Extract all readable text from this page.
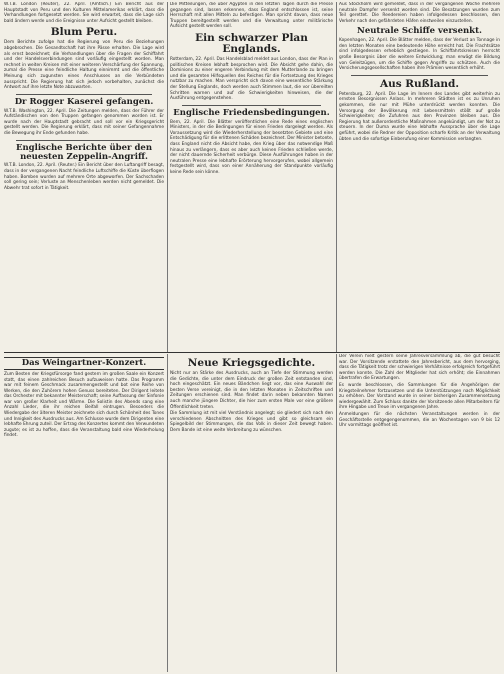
W.T.B. London (Reuter), 22. April. (Amtlich.) Ein Bericht aus der Hauptstadt von Peru und den Kulturen Mittelamerikas erklärt, dass die Verhandlungen fortgesetzt werden. Sie wird erwartet, dass die Lage sich bald ändern werde und die Ereignisse unter Aufsicht gestellt bleiben.

Blum Peru.

Dem Berichte zufolge hat die Regierung von Peru die Beziehungen abgebrochen. Die Gesandtschaft hat ihre Pässe erhalten. Die Lage wird als ernst bezeichnet; die Verhandlungen über die Fragen der Schiffahrt und der Handelsverbindungen sind vorläufig eingestellt worden. Man rechnet in weiten Kreisen mit einer weiteren Verschärfung der Spannung, zumal die Presse eine feindliche Haltung einnimmt und die öffentliche Meinung sich zugunsten eines Anschlusses an die Verbündeten ausspricht. Die Regierung hat sich jedoch vorbehalten, zunächst die Antwort auf ihre letzte Note abzuwarten.

Dr Rogger Kaserei gefangen.

W.T.B. Washington, 22. April. Die Zeitungen melden, dass der Führer der Aufständischen von den Truppen gefangen genommen worden ist. Er wurde nach der Hauptstadt gebracht und soll vor ein Kriegsgericht gestellt werden. Die Regierung erklärt, dass mit seiner Gefangennahme die Bewegung ihr Ende gefunden habe.

Englische Berichte über den neuesten Zeppelin-Angriff.

W.T.B. London, 22. April. (Reuter.) Ein Bericht über den Luftangriff besagt, dass in der vergangenen Nacht feindliche Luftschiffe die Küste überflogen haben. Bomben wurden auf mehrere Orte abgeworfen. Der Sachschaden soll gering sein; Verluste an Menschenleben werden nicht gemeldet. Die Abwehr trat sofort in Tätigkeit.

Die Mitteilungen, die über Ägypten in den letzten Tagen durch die Presse gegangen sind, lassen erkennen, dass England entschlossen ist, seine Herrschaft mit allen Mitteln zu befestigen. Man spricht davon, dass neue Truppen bereitgestellt werden und die Verwaltung unter militärische Aufsicht gestellt werden soll.

Ein schwarzer Plan Englands.

Rotterdam, 22. April. Das Handelsblad meldet aus London, dass der Plan in politischen Kreisen lebhaft besprochen wird. Die Absicht gehe dahin, die Dominions zu einer engeren Verbindung mit dem Mutterlande zu bringen und die gesamten Hilfsquellen des Reiches für die Fortsetzung des Krieges nutzbar zu machen. Man verspricht sich davon eine wesentliche Stärkung der Stellung Englands, doch werden auch Stimmen laut, die vor übereilten Schritten warnen und auf die Schwierigkeiten hinweisen, die der Ausführung entgegenstehen.

Englische Friedensbedingungen.

Bern, 22. April. Die Blätter veröffentlichen eine Rede eines englischen Ministers, in der die Bedingungen für einen Frieden dargelegt werden. Als Voraussetzung wird die Wiederherstellung der besetzten Gebiete und eine Entschädigung für die erlittenen Schäden bezeichnet. Der Minister betonte, dass England nicht die Absicht habe, den Krieg über das notwendige Maß hinaus zu verlängern, dass es aber auch keinen Frieden schließen werde, der nicht dauernde Sicherheit verbürge. Diese Ausführungen haben in der neutralen Presse eine lebhafte Erörterung hervorgerufen, wobei allgemein festgestellt wird, dass von einer Annäherung der Standpunkte vorläufig keine Rede sein könne.

Aus Stockholm wird gemeldet, dass in der vergangenen Woche mehrere neutrale Dampfer versenkt worden sind. Die Besatzungen wurden zum Teil gerettet. Die Reedereien haben infolgedessen beschlossen, den Verkehr nach den gefährdeten Häfen einstweilen einzustellen.

Neutrale Schiffe versenkt.

Kopenhagen, 22. April. Die Blätter melden, dass der Verlust an Tonnage in den letzten Monaten eine bedeutende Höhe erreicht hat. Die Frachtsätze sind infolgedessen erheblich gestiegen. In Schiffahrtskreisen herrscht große Besorgnis über die weitere Entwicklung; man erwägt die Bildung von Geleitzügen, um die Schiffe gegen Angriffe zu schützen. Auch die Versicherungsgesellschaften haben ihre Prämien wesentlich erhöht.

Aus Rußland.

Petersburg, 22. April. Die Lage im Innern des Landes gibt weiterhin zu ernsten Besorgnissen Anlass. In mehreren Städten ist es zu Unruhen gekommen, die nur mit Mühe unterdrückt werden konnten. Die Versorgung der Bevölkerung mit Lebensmitteln stößt auf große Schwierigkeiten; die Zufuhren aus den Provinzen bleiben aus. Die Regierung hat außerordentliche Maßnahmen angekündigt, um der Not zu steuern. In der Duma wurde eine lebhafte Aussprache über die Lage geführt, wobei die Redner der Opposition scharfe Kritik an der Verwaltung übten und die sofortige Einberufung einer Kommission verlangten.

Das Weingartner-Konzert.

Zum Besten der Kriegsfürsorge fand gestern im großen Saale ein Konzert statt, das einen zahlreichen Besuch aufzuweisen hatte. Das Programm war mit feinem Geschmack zusammengestellt und bot eine Reihe von Werken, die den Zuhörern hohen Genuss bereiteten. Der Dirigent leitete das Orchester mit bekannter Meisterschaft; seine Auffassung der Sinfonie war von großer Klarheit und Wärme. Die Solistin des Abends sang eine Anzahl Lieder, die ihr reichen Beifall eintrugen. Besonders die Wiedergabe der älteren Meister zeichnete sich durch Schönheit des Tones und Innigkeit des Ausdrucks aus. Am Schlusse wurde dem Dirigenten eine lebhafte Ehrung zuteil. Der Ertrag des Konzertes kommt den Verwundeten zugute; es ist zu hoffen, dass die Veranstaltung bald eine Wiederholung findet.

Neue Kriegsgedichte.

Nicht nur an Stärke des Ausdrucks, auch an Tiefe der Stimmung werden die Gedichte, die unter dem Eindruck der großen Zeit entstanden sind, hoch eingeschätzt. Ein neues Bändchen liegt vor, das eine Auswahl der besten Verse vereinigt, die in den letzten Monaten in Zeitschriften und Zeitungen erschienen sind. Man findet darin neben bekannten Namen auch manche jüngere Dichter, die hier zum ersten Male vor eine größere Öffentlichkeit treten.

Die Sammlung ist mit viel Verständnis angelegt; sie gliedert sich nach den verschiedenen Abschnitten des Krieges und gibt so gleichsam ein Spiegelbild der Stimmungen, die das Volk in dieser Zeit bewegt haben. Dem Bande ist eine weite Verbreitung zu wünschen.

Der Verein hielt gestern seine Jahresversammlung ab, die gut besucht war. Der Vorsitzende erstattete den Jahresbericht, aus dem hervorging, dass die Tätigkeit trotz der schwierigen Verhältnisse erfolgreich fortgeführt werden konnte. Die Zahl der Mitglieder hat sich erhöht; die Einnahmen übertrafen die Erwartungen.

Es wurde beschlossen, die Sammlungen für die Angehörigen der Kriegsteilnehmer fortzusetzen und die Unterstützungen nach Möglichkeit zu erhöhen. Der Vorstand wurde in seiner bisherigen Zusammensetzung wiedergewählt. Zum Schluss dankte der Vorsitzende allen Mitarbeitern für ihre Hingabe und Treue im vergangenen Jahre.

Anmeldungen für die nächsten Veranstaltungen werden in der Geschäftsstelle entgegengenommen, die an Wochentagen von 9 bis 12 Uhr vormittags geöffnet ist.
